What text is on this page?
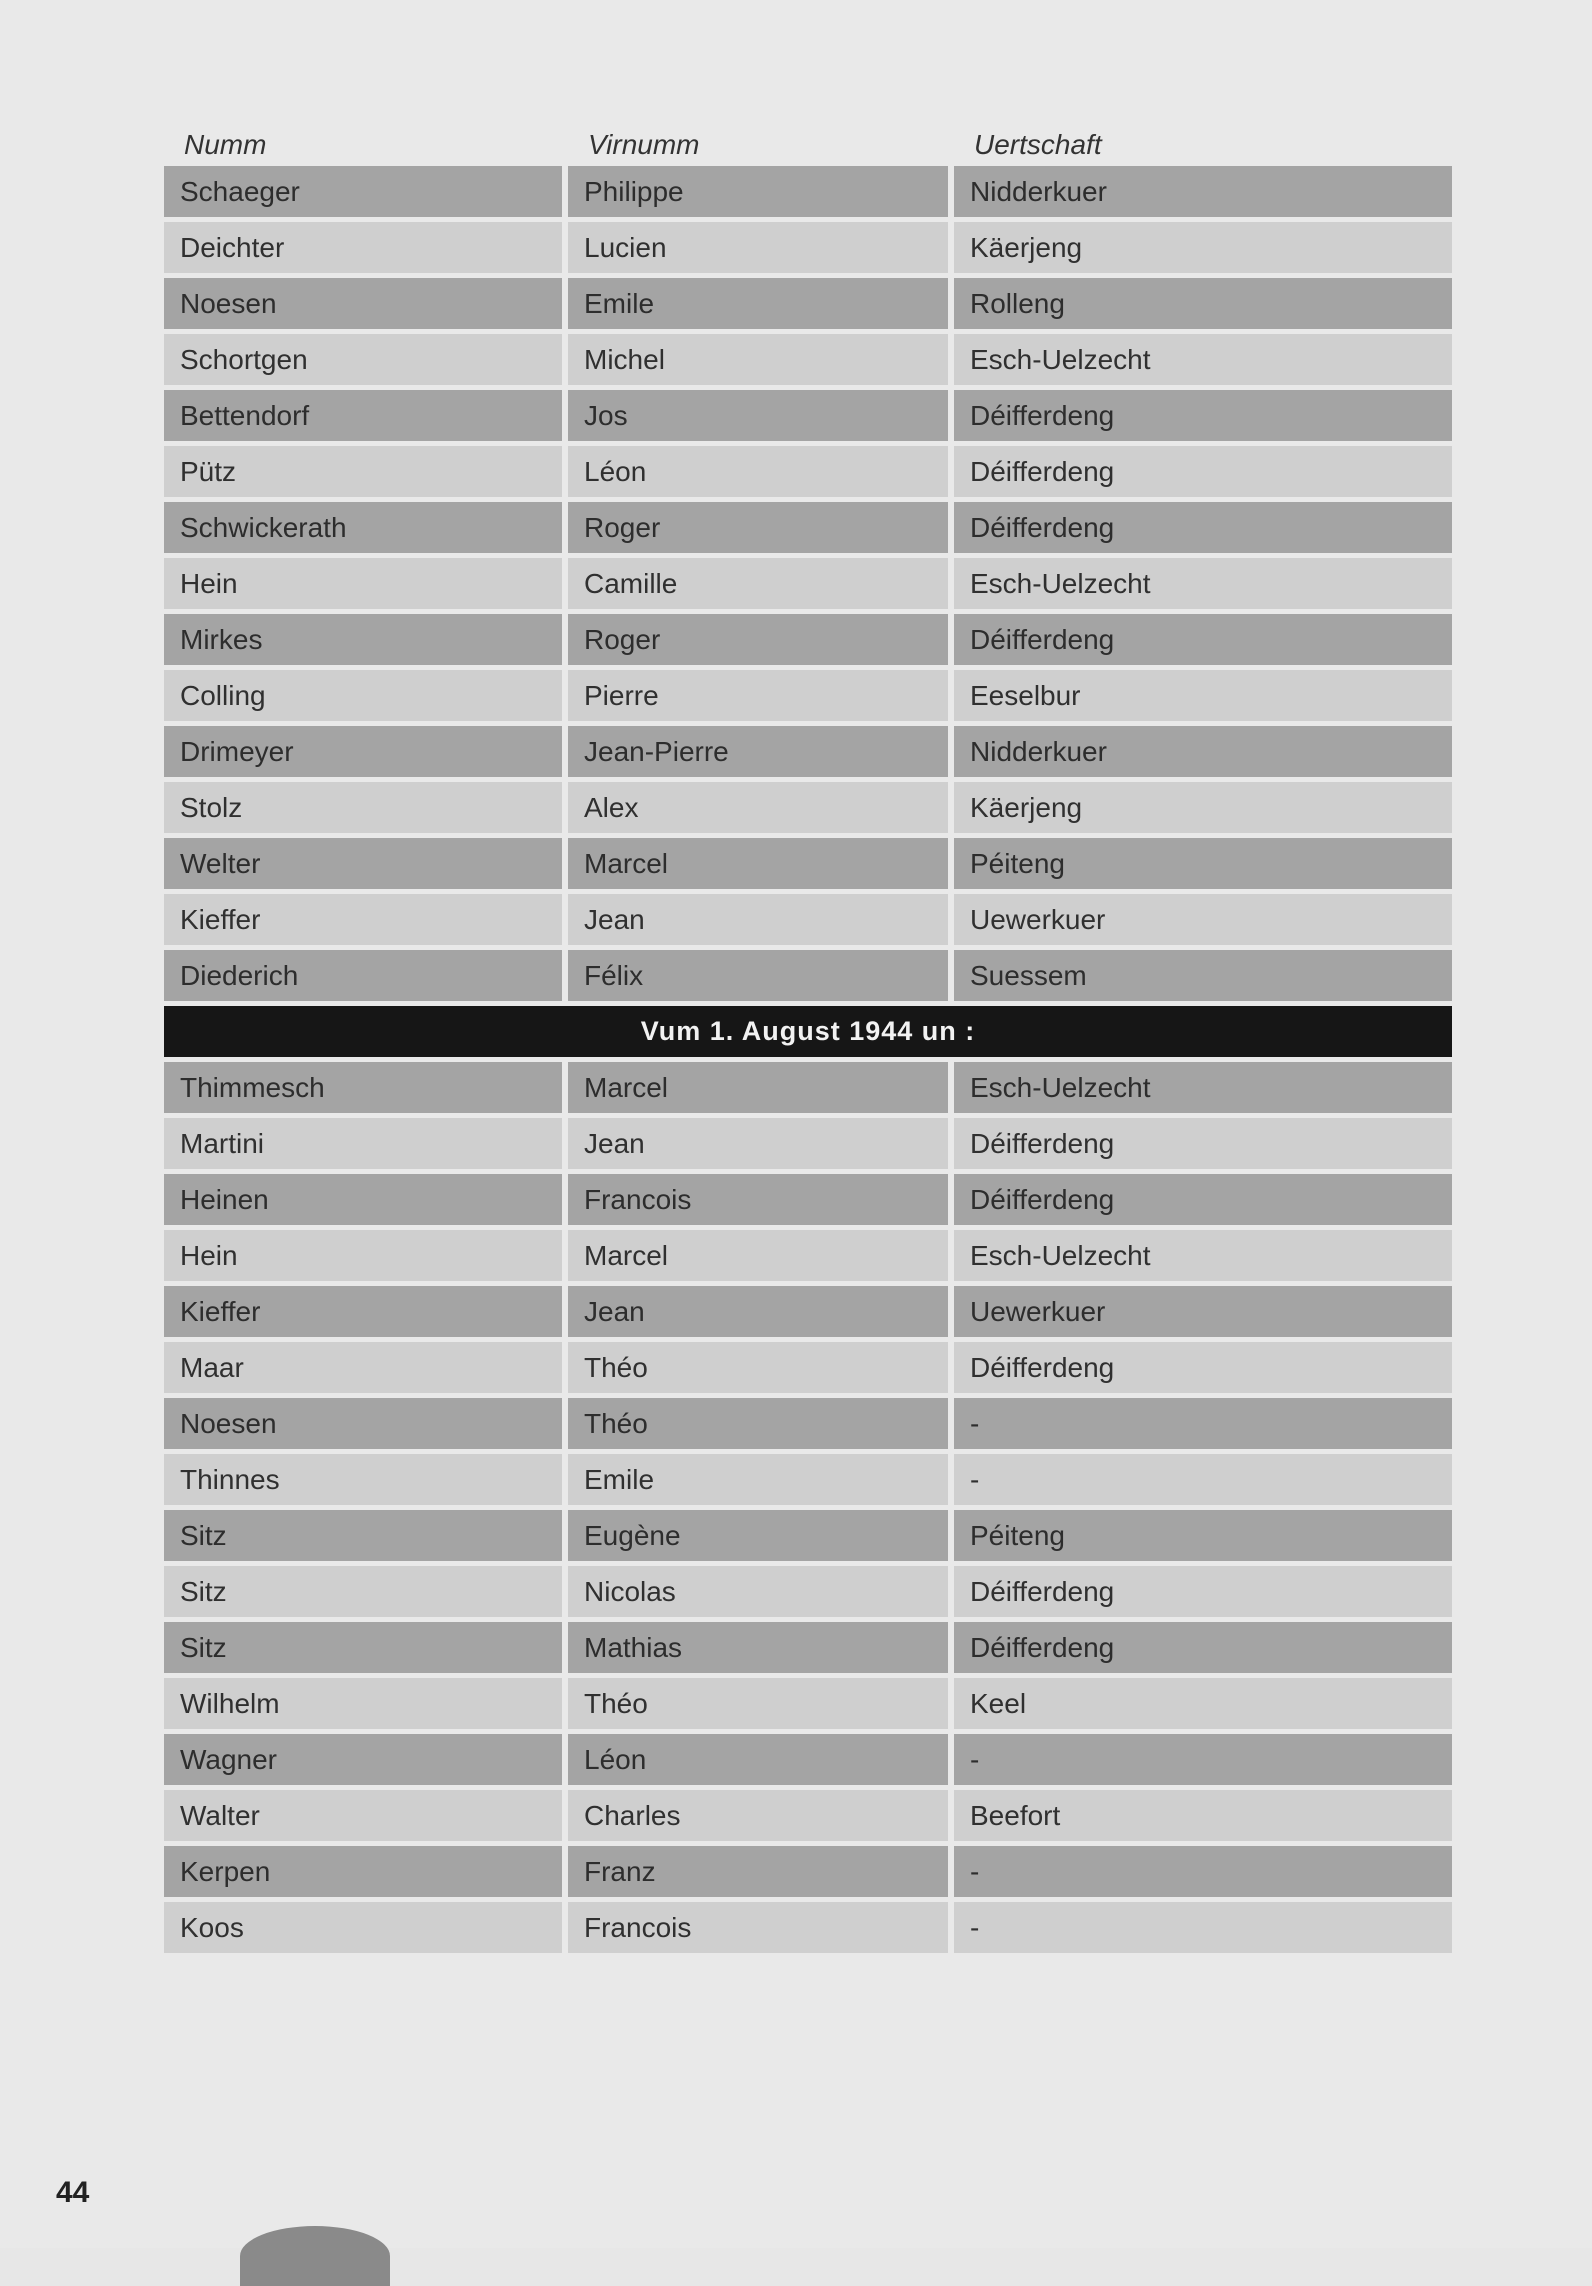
Numm	Virnumm	Uertschaft
Schaeger	Philippe	Nidderkuer
Deichter	Lucien	Käerjeng
Noesen	Emile	Rolleng
Schortgen	Michel	Esch-Uelzecht
Bettendorf	Jos	Déifferdeng
Pütz	Léon	Déifferdeng
Schwickerath	Roger	Déifferdeng
Hein	Camille	Esch-Uelzecht
Mirkes	Roger	Déifferdeng
Colling	Pierre	Eeselbur
Drimeyer	Jean-Pierre	Nidderkuer
Stolz	Alex	Käerjeng
Welter	Marcel	Péiteng
Kieffer	Jean	Uewerkuer
Diederich	Félix	Suessem
Vum 1. August 1944 un :
Thimmesch	Marcel	Esch-Uelzecht
Martini	Jean	Déifferdeng
Heinen	Francois	Déifferdeng
Hein	Marcel	Esch-Uelzecht
Kieffer	Jean	Uewerkuer
Maar	Théo	Déifferdeng
Noesen	Théo	-
Thinnes	Emile	-
Sitz	Eugène	Péiteng
Sitz	Nicolas	Déifferdeng
Sitz	Mathias	Déifferdeng
Wilhelm	Théo	Keel
Wagner	Léon	-
Walter	Charles	Beefort
Kerpen	Franz	-
Koos	Francois	-
44
